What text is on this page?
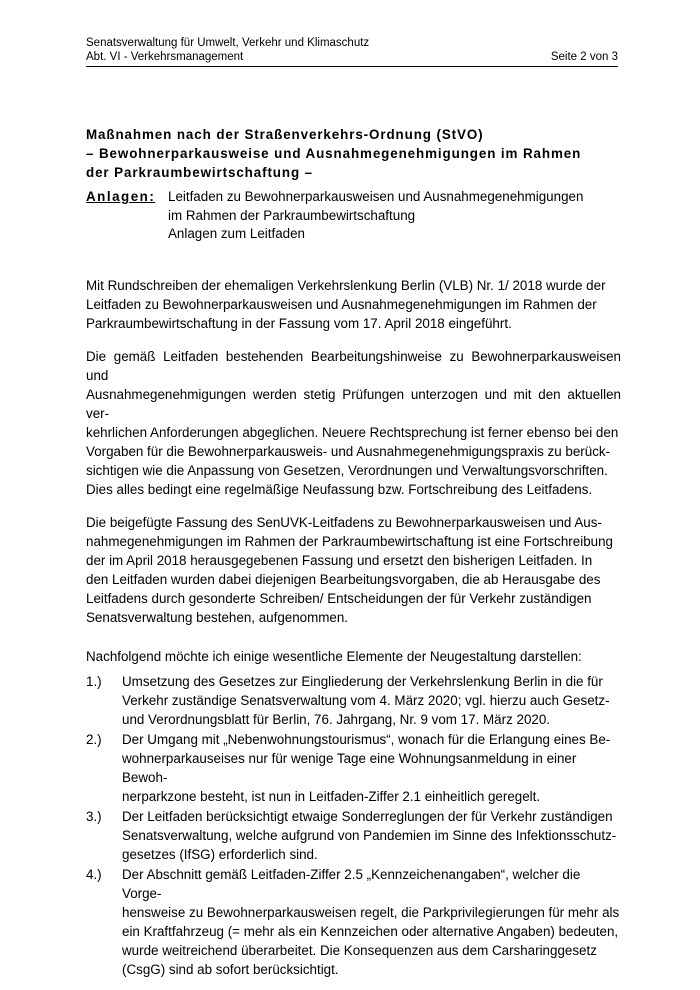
Senatsverwaltung für Umwelt, Verkehr und Klimaschutz
Abt. VI - Verkehrsmanagement	Seite 2 von 3
Maßnahmen nach der Straßenverkehrs-Ordnung (StVO)
– Bewohnerparkausweise und Ausnahmegenehmigungen im Rahmen
der Parkraumbewirtschaftung –
Anlagen: Leitfaden zu Bewohnerparkausweisen und Ausnahmegenehmigungen
im Rahmen der Parkraumbewirtschaftung
Anlagen zum Leitfaden

Mit Rundschreiben der ehemaligen Verkehrslenkung Berlin (VLB) Nr. 1/ 2018 wurde der
Leitfaden zu Bewohnerparkausweisen und Ausnahmegenehmigungen im Rahmen der
Parkraumbewirtschaftung in der Fassung vom 17. April 2018 eingeführt.

Die gemäß Leitfaden bestehenden Bearbeitungshinweise zu Bewohnerparkausweisen und
Ausnahmegenehmigungen werden stetig Prüfungen unterzogen und mit den aktuellen ver-
kehrlichen Anforderungen abgeglichen. Neuere Rechtsprechung ist ferner ebenso bei den
Vorgaben für die Bewohnerparkausweis- und Ausnahmegenehmigungspraxis zu berück-
sichtigen wie die Anpassung von Gesetzen, Verordnungen und Verwaltungsvorschriften.
Dies alles bedingt eine regelmäßige Neufassung bzw. Fortschreibung des Leitfadens.

Die beigefügte Fassung des SenUVK-Leitfadens zu Bewohnerparkausweisen und Aus-
nahmegenehmigungen im Rahmen der Parkraumbewirtschaftung ist eine Fortschreibung
der im April 2018 herausgegebenen Fassung und ersetzt den bisherigen Leitfaden. In
den Leitfaden wurden dabei diejenigen Bearbeitungsvorgaben, die ab Herausgabe des
Leitfadens durch gesonderte Schreiben/ Entscheidungen der für Verkehr zuständigen
Senatsverwaltung bestehen, aufgenommen.

Nachfolgend möchte ich einige wesentliche Elemente der Neugestaltung darstellen:

1.) Umsetzung des Gesetzes zur Eingliederung der Verkehrslenkung Berlin in die für
Verkehr zuständige Senatsverwaltung vom 4. März 2020; vgl. hierzu auch Gesetz-
und Verordnungsblatt für Berlin, 76. Jahrgang, Nr. 9 vom 17. März 2020.
2.) Der Umgang mit „Nebenwohnungstourismus“, wonach für die Erlangung eines Be-
wohnerparkauseises nur für wenige Tage eine Wohnungsanmeldung in einer Bewoh-
nerparkzone besteht, ist nun in Leitfaden-Ziffer 2.1 einheitlich geregelt.
3.) Der Leitfaden berücksichtigt etwaige Sonderreglungen der für Verkehr zuständigen
Senatsverwaltung, welche aufgrund von Pandemien im Sinne des Infektionsschutz-
gesetzes (IfSG) erforderlich sind.
4.) Der Abschnitt gemäß Leitfaden-Ziffer 2.5 „Kennzeichenangaben“, welcher die Vorge-
hensweise zu Bewohnerparkausweisen regelt, die Parkprivilegierungen für mehr als
ein Kraftfahrzeug (= mehr als ein Kennzeichen oder alternative Angaben) bedeuten,
wurde weitreichend überarbeitet. Die Konsequenzen aus dem Carsharinggesetz
(CsgG) sind ab sofort berücksichtigt.
